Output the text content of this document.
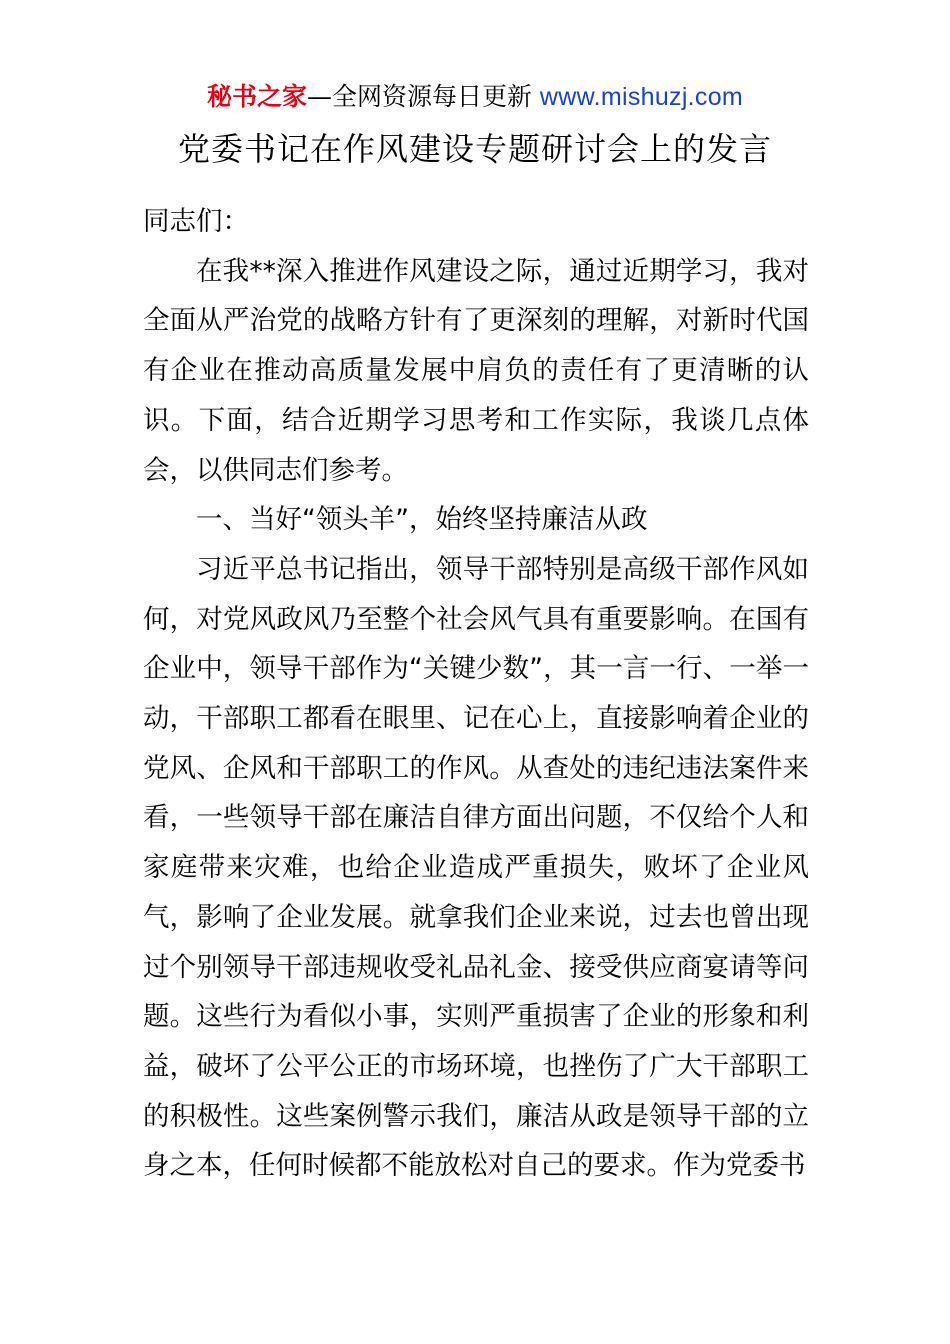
秘书之家—全网资源每日更新 www.mishuzj.com
党委书记在作风建设专题研讨会上的发言

同志们：

在我**深入推进作风建设之际，通过近期学习，我对全面从严治党的战略方针有了更深刻的理解，对新时代国有企业在推动高质量发展中肩负的责任有了更清晰的认识。下面，结合近期学习思考和工作实际，我谈几点体会，以供同志们参考。

一、当好“领头羊”，始终坚持廉洁从政

习近平总书记指出，领导干部特别是高级干部作风如何，对党风政风乃至整个社会风气具有重要影响。在国有企业中，领导干部作为“关键少数”，其一言一行、一举一动，干部职工都看在眼里、记在心上，直接影响着企业的党风、企风和干部职工的作风。从查处的违纪违法案件来看，一些领导干部在廉洁自律方面出问题，不仅给个人和家庭带来灾难，也给企业造成严重损失，败坏了企业风气，影响了企业发展。就拿我们企业来说，过去也曾出现过个别领导干部违规收受礼品礼金、接受供应商宴请等问题。这些行为看似小事，实则严重损害了企业的形象和利益，破坏了公平公正的市场环境，也挫伤了广大干部职工的积极性。这些案例警示我们，廉洁从政是领导干部的立身之本，任何时候都不能放松对自己的要求。作为党委书
